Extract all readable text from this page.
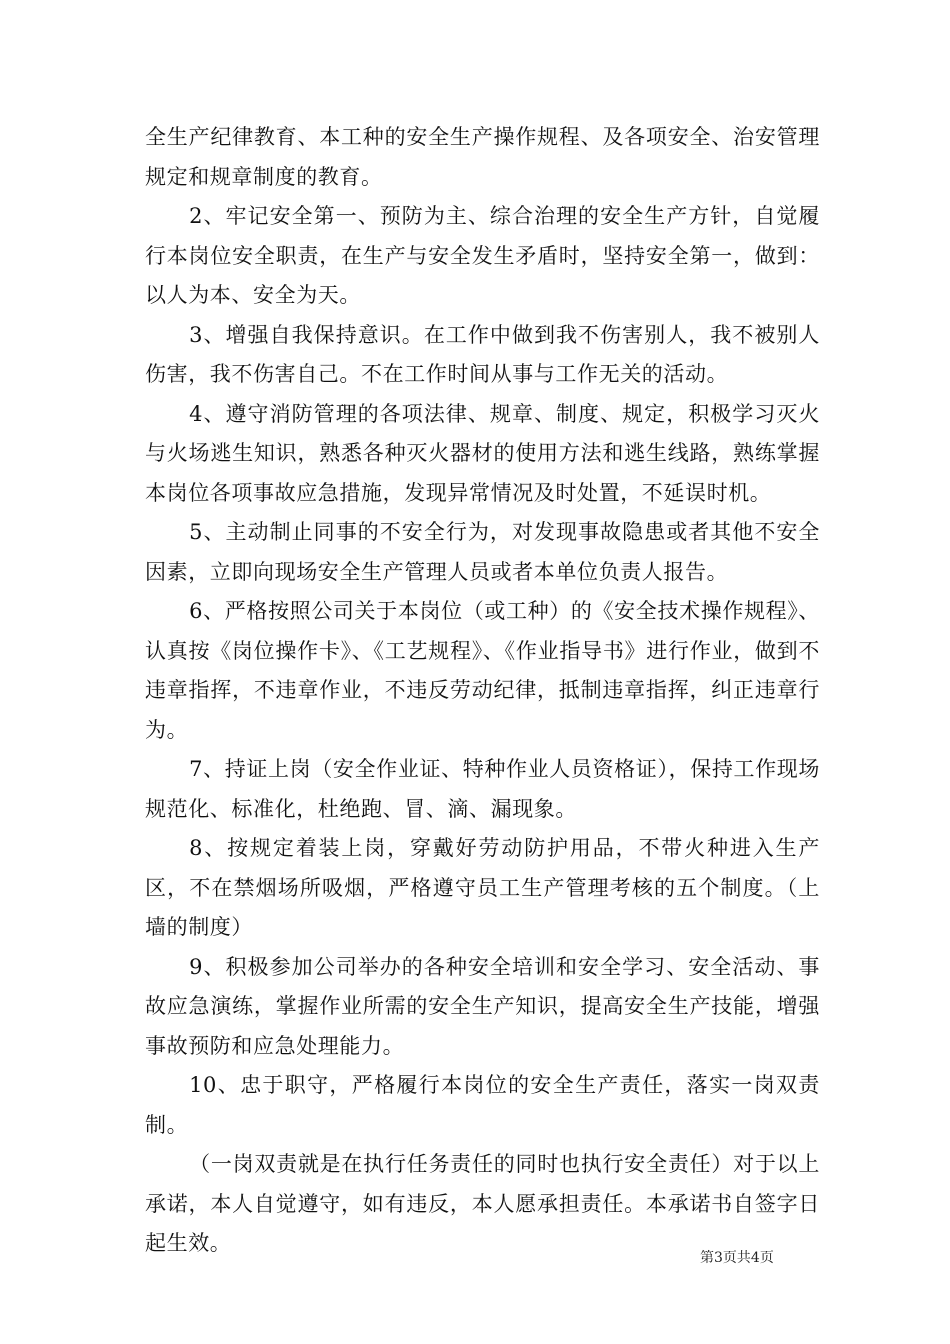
全生产纪律教育、本工种的安全生产操作规程、及各项安全、治安管理规定和规章制度的教育。

2、牢记安全第一、预防为主、综合治理的安全生产方针，自觉履行本岗位安全职责，在生产与安全发生矛盾时，坚持安全第一，做到：以人为本、安全为天。

3、增强自我保持意识。在工作中做到我不伤害别人，我不被别人伤害，我不伤害自己。不在工作时间从事与工作无关的活动。

4、遵守消防管理的各项法律、规章、制度、规定，积极学习灭火与火场逃生知识，熟悉各种灭火器材的使用方法和逃生线路，熟练掌握本岗位各项事故应急措施，发现异常情况及时处置，不延误时机。

5、主动制止同事的不安全行为，对发现事故隐患或者其他不安全因素，立即向现场安全生产管理人员或者本单位负责人报告。

6、严格按照公司关于本岗位（或工种）的《安全技术操作规程》、认真按《岗位操作卡》、《工艺规程》、《作业指导书》进行作业，做到不违章指挥，不违章作业，不违反劳动纪律，抵制违章指挥，纠正违章行为。

7、持证上岗（安全作业证、特种作业人员资格证），保持工作现场规范化、标准化，杜绝跑、冒、滴、漏现象。

8、按规定着装上岗，穿戴好劳动防护用品，不带火种进入生产区，不在禁烟场所吸烟，严格遵守员工生产管理考核的五个制度。（上墙的制度）

9、积极参加公司举办的各种安全培训和安全学习、安全活动、事故应急演练，掌握作业所需的安全生产知识，提高安全生产技能，增强事故预防和应急处理能力。

10、忠于职守，严格履行本岗位的安全生产责任，落实一岗双责制。

（一岗双责就是在执行任务责任的同时也执行安全责任）对于以上承诺，本人自觉遵守，如有违反，本人愿承担责任。本承诺书自签字日起生效。

第3页共4页
